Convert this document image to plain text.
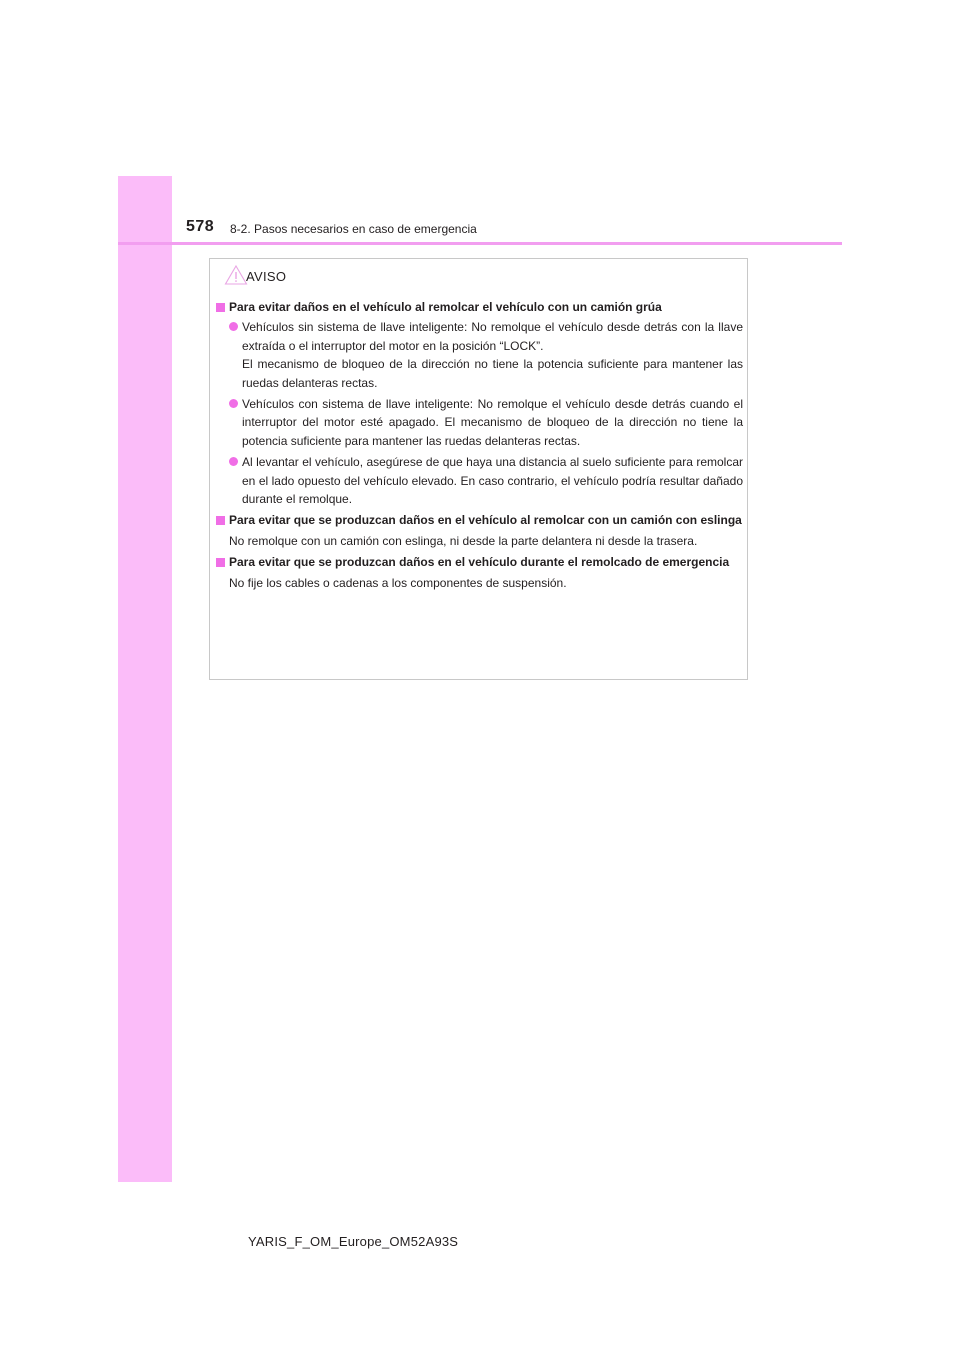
578 8-2. Pasos necesarios en caso de emergencia
AVISO
Para evitar daños en el vehículo al remolcar el vehículo con un camión grúa
Vehículos sin sistema de llave inteligente: No remolque el vehículo desde detrás con la llave extraída o el interruptor del motor en la posición “LOCK”.
El mecanismo de bloqueo de la dirección no tiene la potencia suficiente para mantener las ruedas delanteras rectas.
Vehículos con sistema de llave inteligente: No remolque el vehículo desde detrás cuando el interruptor del motor esté apagado. El mecanismo de bloqueo de la dirección no tiene la potencia suficiente para mantener las ruedas delanteras rectas.
Al levantar el vehículo, asegúrese de que haya una distancia al suelo suficiente para remolcar en el lado opuesto del vehículo elevado. En caso contrario, el vehículo podría resultar dañado durante el remolque.
Para evitar que se produzcan daños en el vehículo al remolcar con un camión con eslinga
No remolque con un camión con eslinga, ni desde la parte delantera ni desde la trasera.
Para evitar que se produzcan daños en el vehículo durante el remolcado de emergencia
No fije los cables o cadenas a los componentes de suspensión.
YARIS_F_OM_Europe_OM52A93S
